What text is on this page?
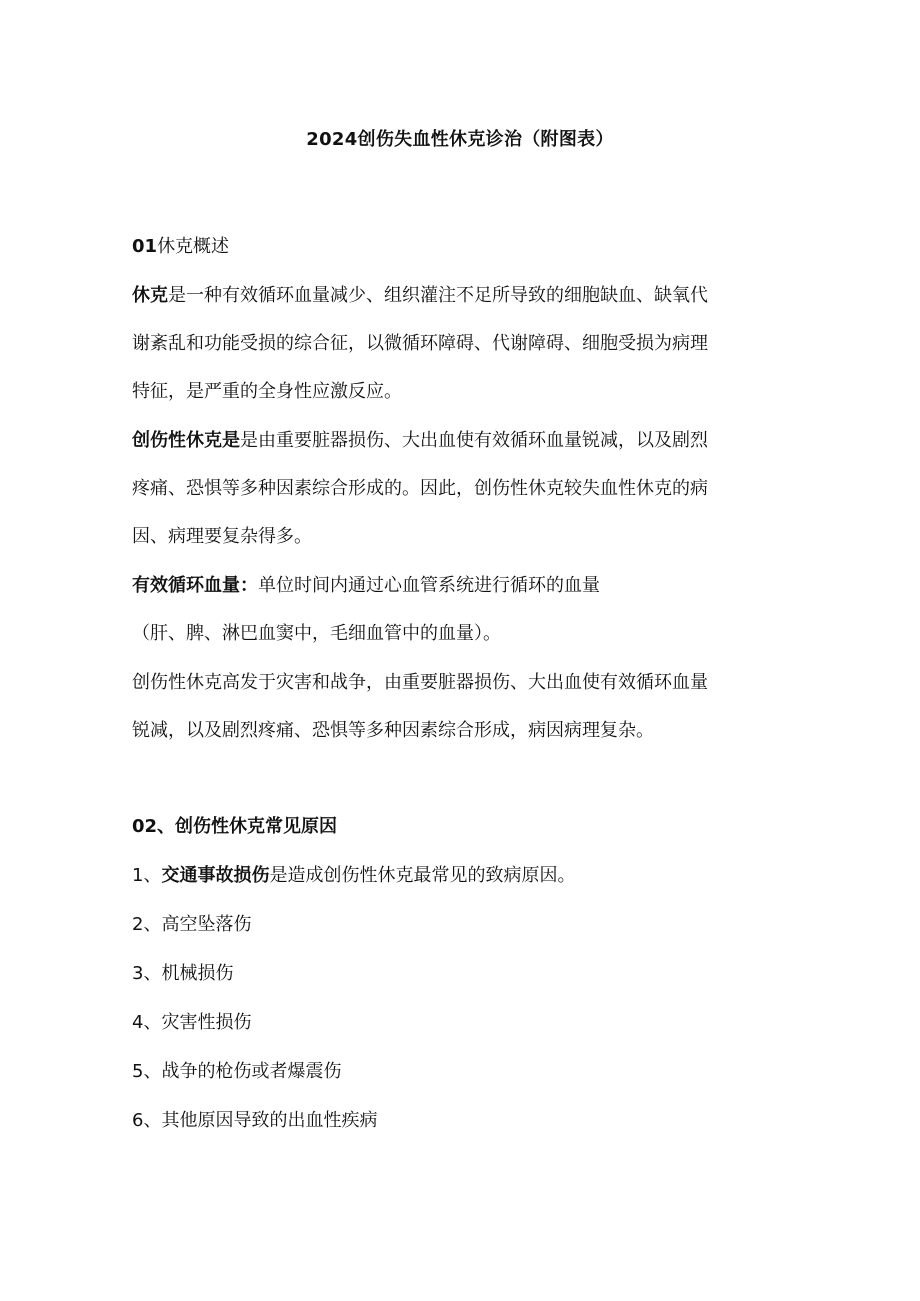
2024创伤失血性休克诊治（附图表）
01休克概述
休克是一种有效循环血量减少、组织灌注不足所导致的细胞缺血、缺氧代
谢紊乱和功能受损的综合征，以微循环障碍、代谢障碍、细胞受损为病理
特征，是严重的全身性应激反应。
创伤性休克是是由重要脏器损伤、大出血使有效循环血量锐减，以及剧烈
疼痛、恐惧等多种因素综合形成的。因此，创伤性休克较失血性休克的病
因、病理要复杂得多。
有效循环血量：单位时间内通过心血管系统进行循环的血量
（肝、脾、淋巴血窦中，毛细血管中的血量）。
创伤性休克高发于灾害和战争，由重要脏器损伤、大出血使有效循环血量
锐减，以及剧烈疼痛、恐惧等多种因素综合形成，病因病理复杂。
02、创伤性休克常见原因
1、交通事故损伤是造成创伤性休克最常见的致病原因。
2、高空坠落伤
3、机械损伤
4、灾害性损伤
5、战争的枪伤或者爆震伤
6、其他原因导致的出血性疾病
